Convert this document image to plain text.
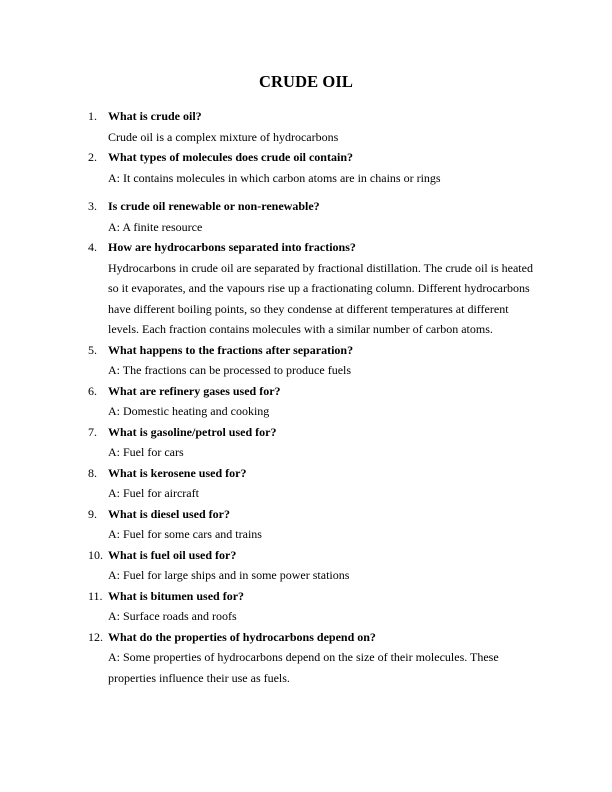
CRUDE OIL
1. What is crude oil?
Crude oil is a complex mixture of hydrocarbons
2. What types of molecules does crude oil contain?
A: It contains molecules in which carbon atoms are in chains or rings
3. Is crude oil renewable or non-renewable?
A: A finite resource
4. How are hydrocarbons separated into fractions?
Hydrocarbons in crude oil are separated by fractional distillation. The crude oil is heated so it evaporates, and the vapours rise up a fractionating column. Different hydrocarbons have different boiling points, so they condense at different temperatures at different levels. Each fraction contains molecules with a similar number of carbon atoms.
5. What happens to the fractions after separation?
A: The fractions can be processed to produce fuels
6. What are refinery gases used for?
A: Domestic heating and cooking
7. What is gasoline/petrol used for?
A: Fuel for cars
8. What is kerosene used for?
A: Fuel for aircraft
9. What is diesel used for?
A: Fuel for some cars and trains
10. What is fuel oil used for?
A: Fuel for large ships and in some power stations
11. What is bitumen used for?
A: Surface roads and roofs
12. What do the properties of hydrocarbons depend on?
A: Some properties of hydrocarbons depend on the size of their molecules. These properties influence their use as fuels.
